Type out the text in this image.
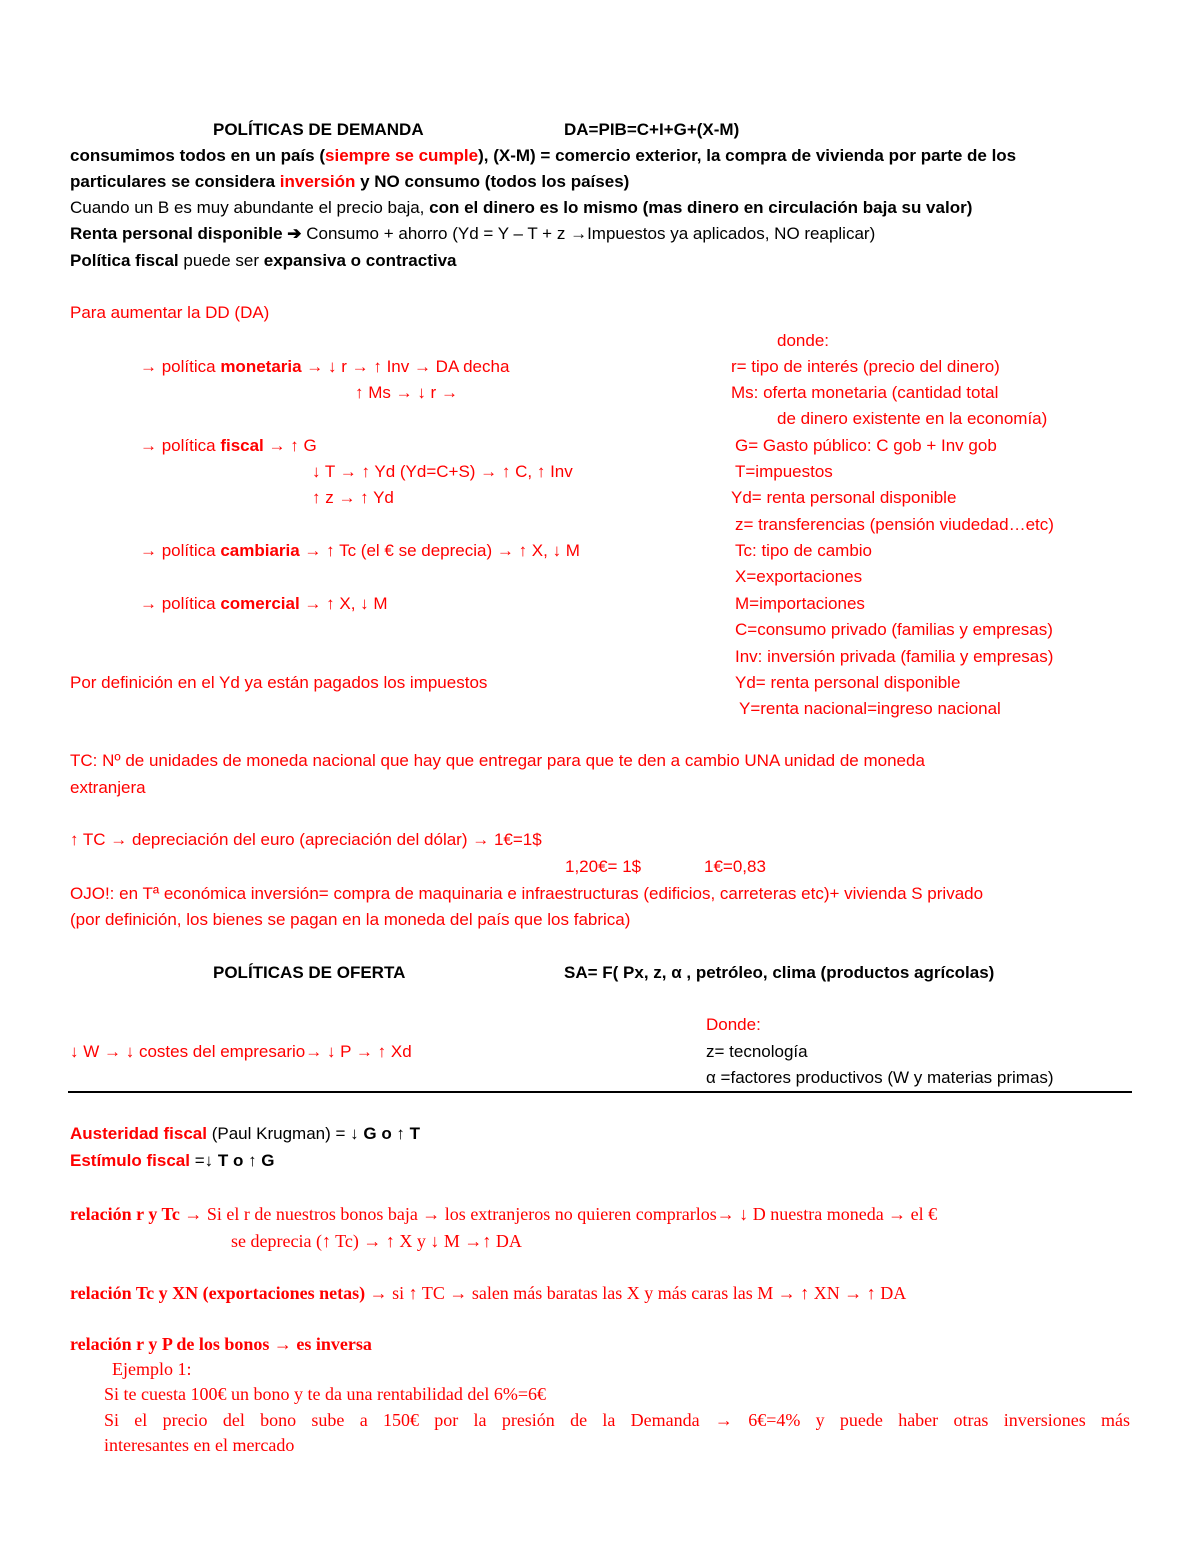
POLÍTICAS DE DEMANDA	DA=PIB=C+I+G+(X-M)
consumimos todos en un país (siempre se cumple), (X-M) = comercio exterior, la compra de vivienda por parte de los
particulares se considera inversión y NO consumo (todos los países)
Cuando un B es muy abundante el precio baja, con el dinero es lo mismo (mas dinero en circulación baja su valor)
Renta personal disponible ➔ Consumo + ahorro (Yd = Y – T + z →Impuestos ya aplicados, NO reaplicar)
Política fiscal puede ser expansiva o contractiva
Para aumentar la DD (DA)
→ política monetaria → ↓ r → ↑ Inv → DA decha
↑ Ms → ↓ r →
→ política fiscal → ↑ G
↓ T → ↑ Yd (Yd=C+S) → ↑ C, ↑ Inv
↑ z → ↑ Yd
→ política cambiaria → ↑ Tc (el € se deprecia) → ↑ X, ↓ M
→ política comercial → ↑ X, ↓ M
Por definición en el Yd ya están pagados los impuestos
donde:
r= tipo de interés (precio del dinero)
Ms: oferta monetaria (cantidad total
de dinero existente en la economía)
G= Gasto público: C gob + Inv gob
T=impuestos
Yd= renta personal disponible
z= transferencias (pensión viudedad…etc)
Tc: tipo de cambio
X=exportaciones
M=importaciones
C=consumo privado (familias y empresas)
Inv: inversión privada (familia y empresas)
Yd= renta personal disponible
Y=renta nacional=ingreso nacional
TC: Nº de unidades de moneda nacional que hay que entregar para que te den a cambio UNA unidad de moneda
extranjera
↑ TC → depreciación del euro (apreciación del dólar) → 1€=1$
1,20€= 1$	1€=0,83
OJO!: en Tª económica inversión= compra de maquinaria e infraestructuras (edificios, carreteras etc)+ vivienda S privado
(por definición, los bienes se pagan en la moneda del país que los fabrica)
POLÍTICAS DE OFERTA	SA= F( Px, z, α , petróleo, clima (productos agrícolas)
Donde:
↓ W → ↓ costes del empresario→ ↓ P → ↑ Xd	z= tecnología
α =factores productivos (W y materias primas)
Austeridad fiscal (Paul Krugman) = ↓ G o ↑ T
Estímulo fiscal =↓ T o ↑ G
relación r y Tc → Si el r de nuestros bonos baja → los extranjeros no quieren comprarlos→ ↓ D nuestra moneda → el €
se deprecia (↑ Tc) → ↑ X y ↓ M →↑ DA
relación Tc y XN (exportaciones netas) → si ↑ TC → salen más baratas las X y más caras las M → ↑ XN → ↑ DA
relación r y P de los bonos → es inversa
Ejemplo 1:
Si te cuesta 100€ un bono y te da una rentabilidad del 6%=6€
Si el precio del bono sube a 150€ por la presión de la Demanda → 6€=4% y puede haber otras inversiones más
interesantes en el mercado
